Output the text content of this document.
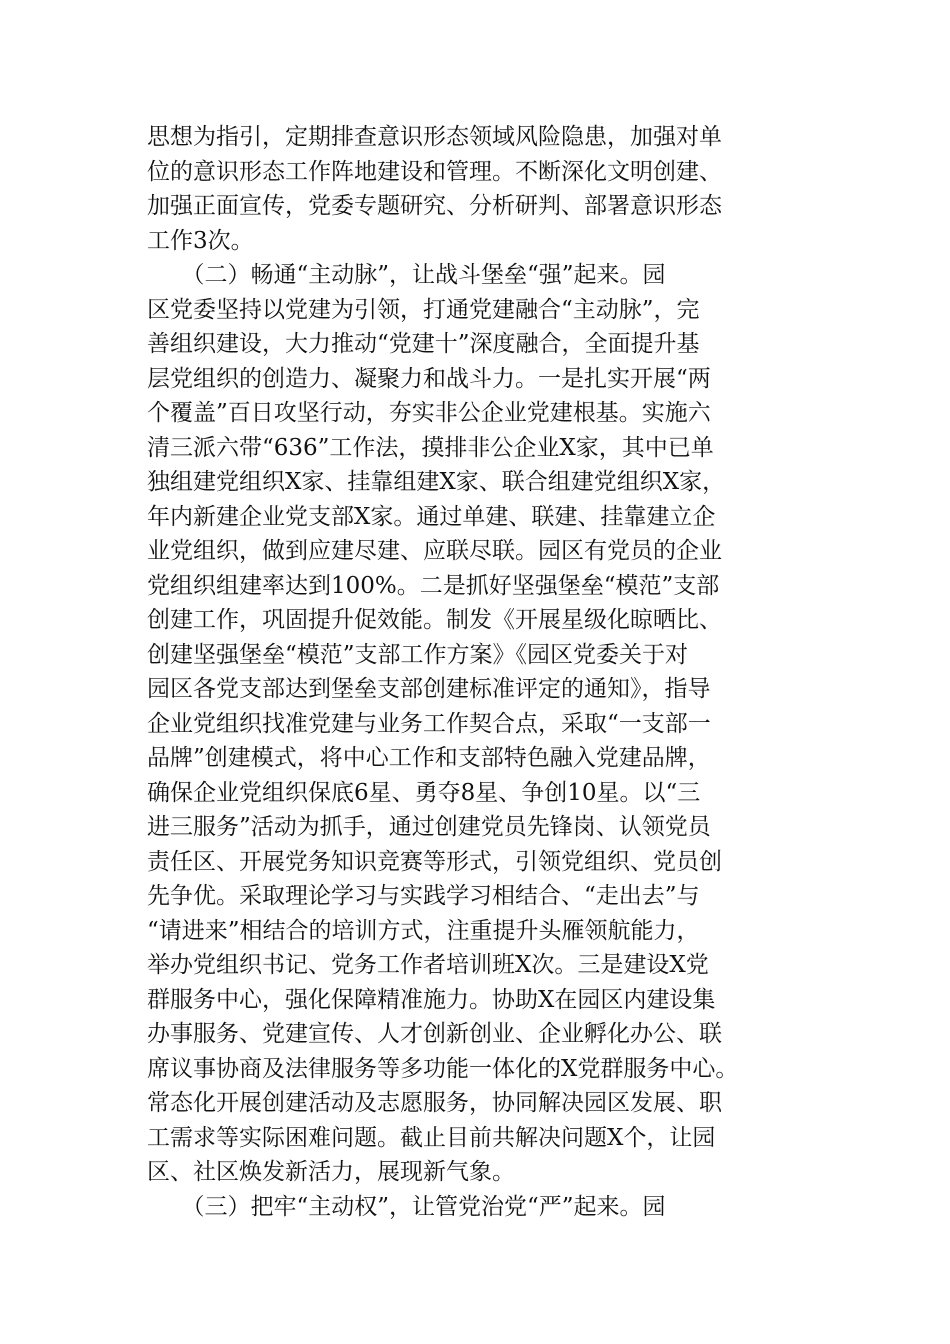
思想为指引，定期排查意识形态领域风险隐患，加强对单
位的意识形态工作阵地建设和管理。不断深化文明创建、
加强正面宣传，党委专题研究、分析研判、部署意识形态
工作3次。
　　（二）畅通“主动脉”，让战斗堡垒“强”起来。园
区党委坚持以党建为引领，打通党建融合“主动脉”，完
善组织建设，大力推动“党建十”深度融合，全面提升基
层党组织的创造力、凝聚力和战斗力。一是扎实开展“两
个覆盖”百日攻坚行动，夯实非公企业党建根基。实施六
清三派六带“636”工作法，摸排非公企业X家，其中已单
独组建党组织X家、挂靠组建X家、联合组建党组织X家，
年内新建企业党支部X家。通过单建、联建、挂靠建立企
业党组织，做到应建尽建、应联尽联。园区有党员的企业
党组织组建率达到100%。二是抓好坚强堡垒“模范”支部
创建工作，巩固提升促效能。制发《开展星级化晾晒比、
创建坚强堡垒“模范”支部工作方案》《园区党委关于对
园区各党支部达到堡垒支部创建标准评定的通知》，指导
企业党组织找准党建与业务工作契合点，采取“一支部一
品牌”创建模式，将中心工作和支部特色融入党建品牌，
确保企业党组织保底6星、勇夺8星、争创10星。以“三
进三服务”活动为抓手，通过创建党员先锋岗、认领党员
责任区、开展党务知识竞赛等形式，引领党组织、党员创
先争优。采取理论学习与实践学习相结合、“走出去”与
“请进来”相结合的培训方式，注重提升头雁领航能力，
举办党组织书记、党务工作者培训班X次。三是建设X党
群服务中心，强化保障精准施力。协助X在园区内建设集
办事服务、党建宣传、人才创新创业、企业孵化办公、联
席议事协商及法律服务等多功能一体化的X党群服务中心。
常态化开展创建活动及志愿服务，协同解决园区发展、职
工需求等实际困难问题。截止目前共解决问题X个，让园
区、社区焕发新活力，展现新气象。
　　（三）把牢“主动权”，让管党治党“严”起来。园
